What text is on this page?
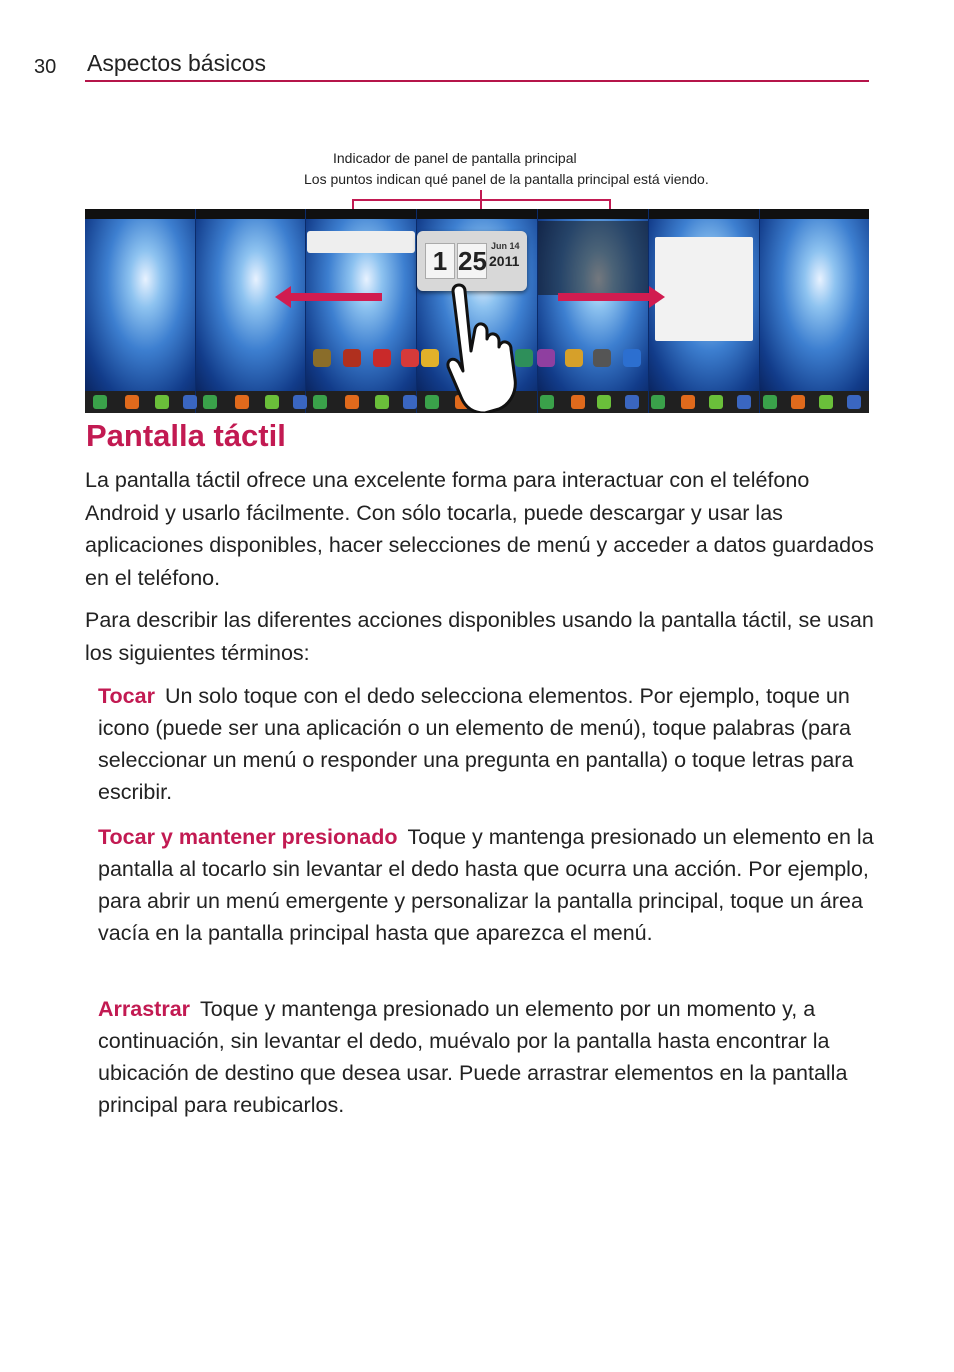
30 Aspectos básicos
Indicador de panel de pantalla principal
Los puntos indican qué panel de la pantalla principal está viendo.
1 25 Jun 14
2011
Pantalla táctil

La pantalla táctil ofrece una excelente forma para interactuar con el teléfono Android y usarlo fácilmente. Con sólo tocarla, puede descargar y usar las aplicaciones disponibles, hacer selecciones de menú y acceder a datos guardados en el teléfono.

Para describir las diferentes acciones disponibles usando la pantalla táctil, se usan los siguientes términos:

Tocar Un solo toque con el dedo selecciona elementos. Por ejemplo, toque un icono (puede ser una aplicación o un elemento de menú), toque palabras (para seleccionar un menú o responder una pregunta en pantalla) o toque letras para escribir.

Tocar y mantener presionado Toque y mantenga presionado un elemento en la pantalla al tocarlo sin levantar el dedo hasta que ocurra una acción. Por ejemplo, para abrir un menú emergente y personalizar la pantalla principal, toque un área vacía en la pantalla principal hasta que aparezca el menú.

Arrastrar Toque y mantenga presionado un elemento por un momento y, a continuación, sin levantar el dedo, muévalo por la pantalla hasta encontrar la ubicación de destino que desea usar. Puede arrastrar elementos en la pantalla principal para reubicarlos.
